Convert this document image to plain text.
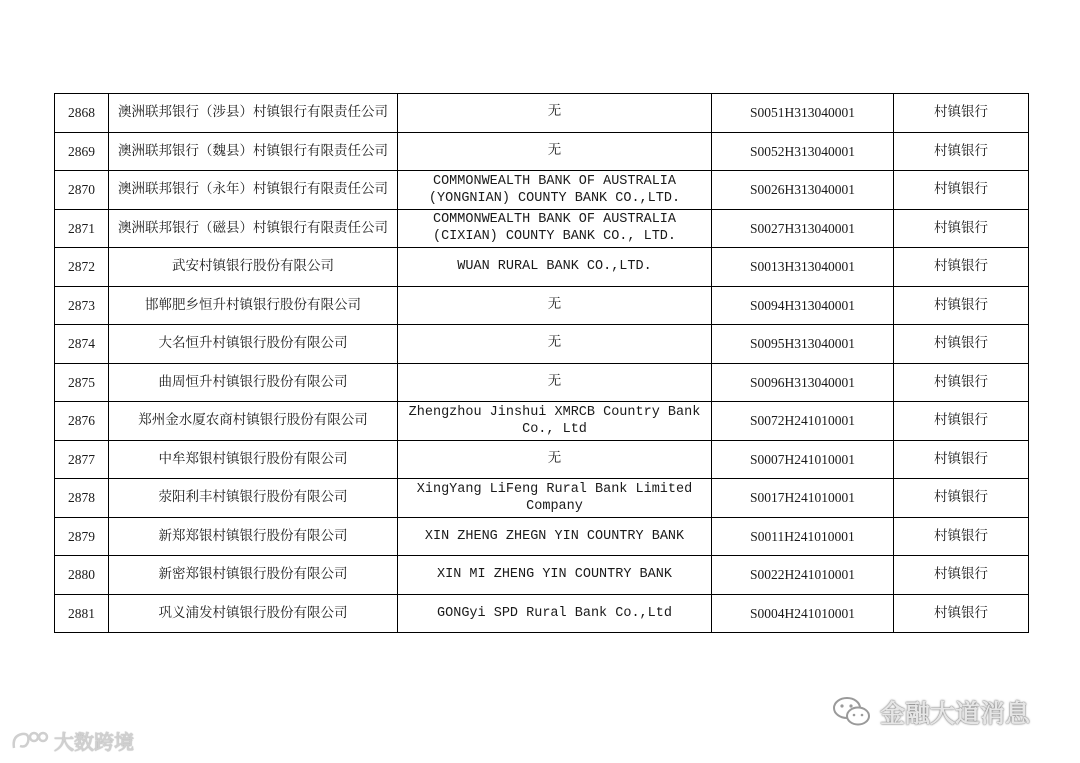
2868	澳洲联邦银行（涉县）村镇银行有限责任公司	无	S0051H313040001	村镇银行
2869	澳洲联邦银行（魏县）村镇银行有限责任公司	无	S0052H313040001	村镇银行
2870	澳洲联邦银行（永年）村镇银行有限责任公司	COMMONWEALTH BANK OF AUSTRALIA (YONGNIAN) COUNTY BANK CO.,LTD.	S0026H313040001	村镇银行
2871	澳洲联邦银行（磁县）村镇银行有限责任公司	COMMONWEALTH BANK OF AUSTRALIA (CIXIAN) COUNTY BANK CO., LTD.	S0027H313040001	村镇银行
2872	武安村镇银行股份有限公司	WUAN RURAL BANK CO.,LTD.	S0013H313040001	村镇银行
2873	邯郸肥乡恒升村镇银行股份有限公司	无	S0094H313040001	村镇银行
2874	大名恒升村镇银行股份有限公司	无	S0095H313040001	村镇银行
2875	曲周恒升村镇银行股份有限公司	无	S0096H313040001	村镇银行
2876	郑州金水厦农商村镇银行股份有限公司	Zhengzhou Jinshui XMRCB Country Bank Co., Ltd	S0072H241010001	村镇银行
2877	中牟郑银村镇银行股份有限公司	无	S0007H241010001	村镇银行
2878	荥阳利丰村镇银行股份有限公司	XingYang LiFeng Rural Bank Limited Company	S0017H241010001	村镇银行
2879	新郑郑银村镇银行股份有限公司	XIN ZHENG ZHEGN YIN COUNTRY BANK	S0011H241010001	村镇银行
2880	新密郑银村镇银行股份有限公司	XIN MI ZHENG YIN COUNTRY BANK	S0022H241010001	村镇银行
2881	巩义浦发村镇银行股份有限公司	GONGyi SPD Rural Bank Co.,Ltd	S0004H241010001	村镇银行
大数跨境
金融大道消息
